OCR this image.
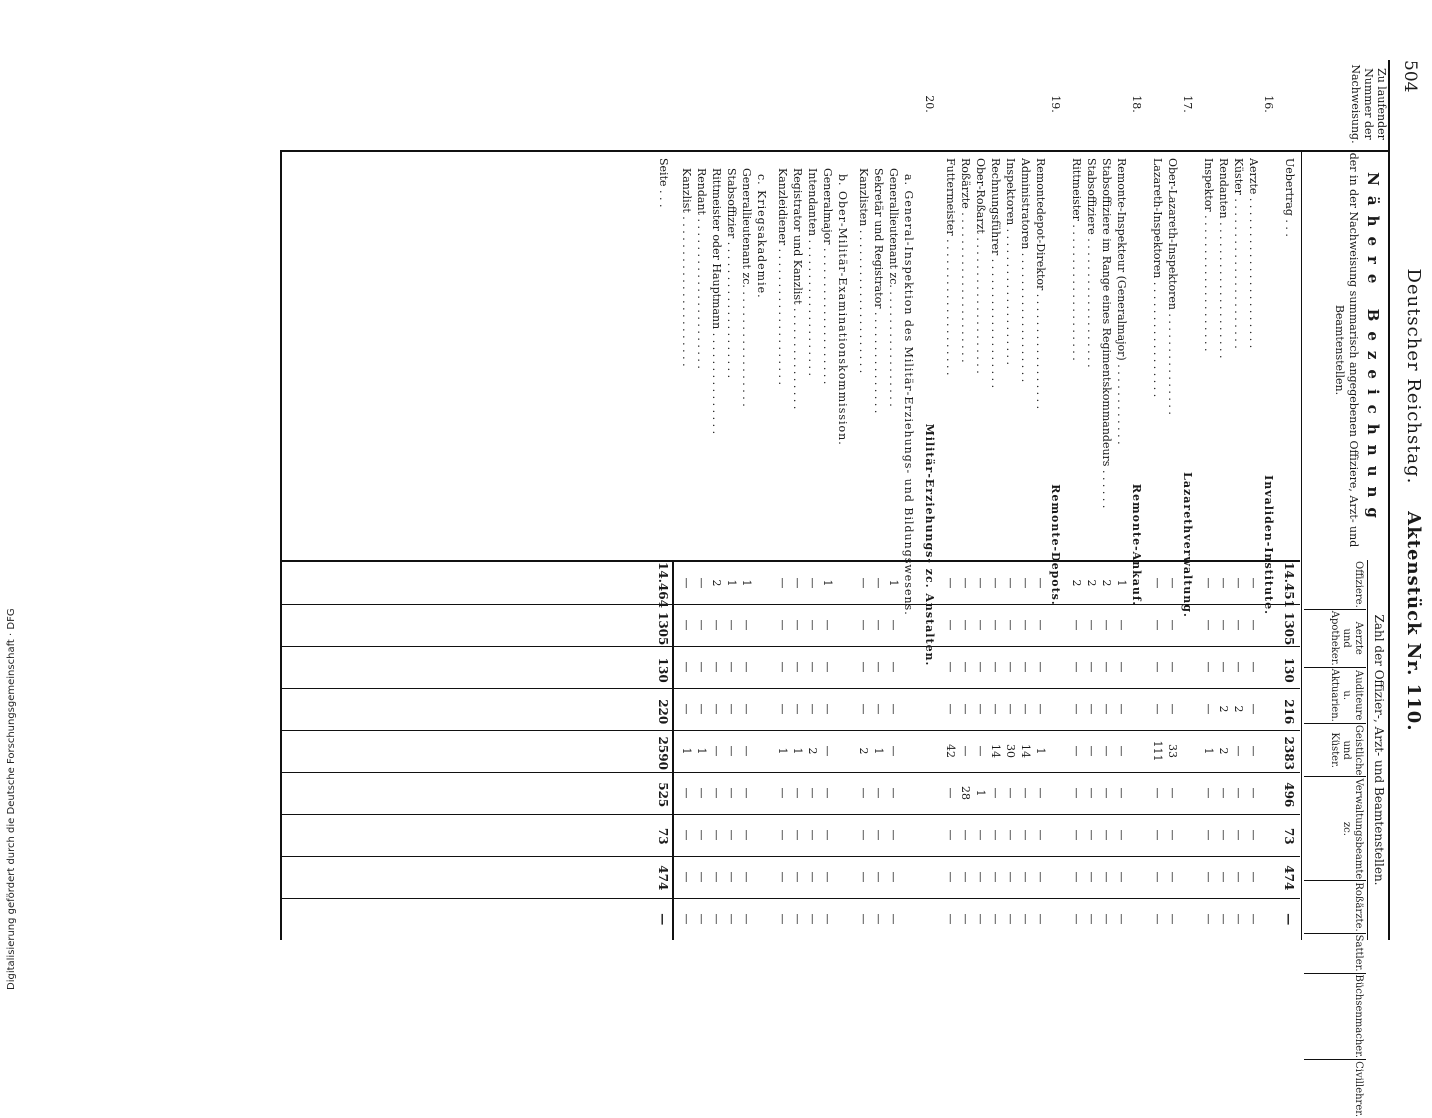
504
Deutscher Reichstag.    Aktenstück Nr. 110.
Zu laufender Nummer der Nachweisung.
Nähere Bezeichnung
der in der Nachweisung summarisch angegebenen Offiziere, Arzt- und Beamtenstellen.
Zahl der Offizier-, Arzt- und Beamtenstellen.
Offiziere.
Aerzte und Apotheker.
Auditeure u. Aktuarien.
Geistliche und Küster.
Verwaltungsbeamte zc.
Roßärzte.
Sattler.
Büchsenmacher.
Civillehrer.
Uebertrag . . .
14.451
1305
130
216
2383
496
73
474
—
16.
Invaliden-Institute.
Aerzte . . . . . . . . . . . . . . . . . . . . . .
—
—
—
—
—
—
—
—
—
Küster . . . . . . . . . . . . . . . . . . . . . .
—
—
—
2
—
—
—
—
—
Rendanten . . . . . . . . . . . . . . . . . . . .
—
—
—
2
2
—
—
—
—
Inspektor . . . . . . . . . . . . . . . . . . . .
—
—
—
—
1
—
—
—
—
17.
Lazarethverwaltung.
Ober-Lazareth-Inspektoren . . . . . . . . . . . . . . .
—
—
—
—
33
—
—
—
—
Lazareth-Inspektoren . . . . . . . . . . . . . . . . .
—
—
—
—
111
—
—
—
—
18.
Remonte-Ankauf.
Remonte-Inspekteur (Generalmajor) . . . . . . . . . . . .
1
—
—
—
—
—
—
—
—
Stabsoffiziere im Range eines Regimentskommandeurs . . . . . .
2
—
—
—
—
—
—
—
—
Stabsoffiziere . . . . . . . . . . . . . . . . . . .
2
—
—
—
—
—
—
—
—
Rittmeister . . . . . . . . . . . . . . . . . . . .
2
—
—
—
—
—
—
—
—
19.
Remonte-Depots.
Remontedepot-Direktor . . . . . . . . . . . . . . . . .
—
—
—
—
1
—
—
—
—
Administratoren . . . . . . . . . . . . . . . . . . .
—
—
—
—
14
—
—
—
—
Inspektoren . . . . . . . . . . . . . . . . . . . .
—
—
—
—
30
—
—
—
—
Rechnungsführer . . . . . . . . . . . . . . . . . . .
—
—
—
—
14
—
—
—
—
Ober-Roßarzt . . . . . . . . . . . . . . . . . . . .
—
—
—
—
—
1
—
—
—
Roßärzte . . . . . . . . . . . . . . . . . . . . . .
—
—
—
—
—
28
—
—
—
Futtermeister . . . . . . . . . . . . . . . . . . . .
—
—
—
—
42
—
—
—
—
20.
Militär-Erziehungs- zc. Anstalten.
a. General-Inspektion des Militär-Erziehungs- und Bildungswesens.
Generallieutenant zc. . . . . . . . . . . . . . . . . .
1
—
—
—
—
—
—
—
—
Sekretär und Registrator . . . . . . . . . . . . . . .
—
—
—
—
1
—
—
—
—
Kanzlisten . . . . . . . . . . . . . . . . . . . . .
—
—
—
—
2
—
—
—
—
b. Ober-Militär-Examinationskommission.
Generalmajor . . . . . . . . . . . . . . . . . . . .
1
—
—
—
—
—
—
—
—
Intendanten . . . . . . . . . . . . . . . . . . . .
—
—
—
—
2
—
—
—
—
Registrator und Kanzlist . . . . . . . . . . . . . . .
—
—
—
—
1
—
—
—
—
Kanzleidiener . . . . . . . . . . . . . . . . . . . .
—
—
—
—
1
—
—
—
—
c. Kriegsakademie.
Generallieutenant zc. . . . . . . . . . . . . . . . . .
1
—
—
—
—
—
—
—
—
Stabsoffizier . . . . . . . . . . . . . . . . . . . .
1
—
—
—
—
—
—
—
—
Rittmeister oder Hauptmann . . . . . . . . . . . . . . .
2
—
—
—
—
—
—
—
—
Rendant . . . . . . . . . . . . . . . . . . . . . .
—
—
—
—
1
—
—
—
—
Kanzlist . . . . . . . . . . . . . . . . . . . . . .
—
—
—
—
1
—
—
—
—
Seite . . .
14.464
1305
130
220
2590
525
73
474
—
Digitalisierung gefördert durch die Deutsche Forschungsgemeinschaft · DFG
